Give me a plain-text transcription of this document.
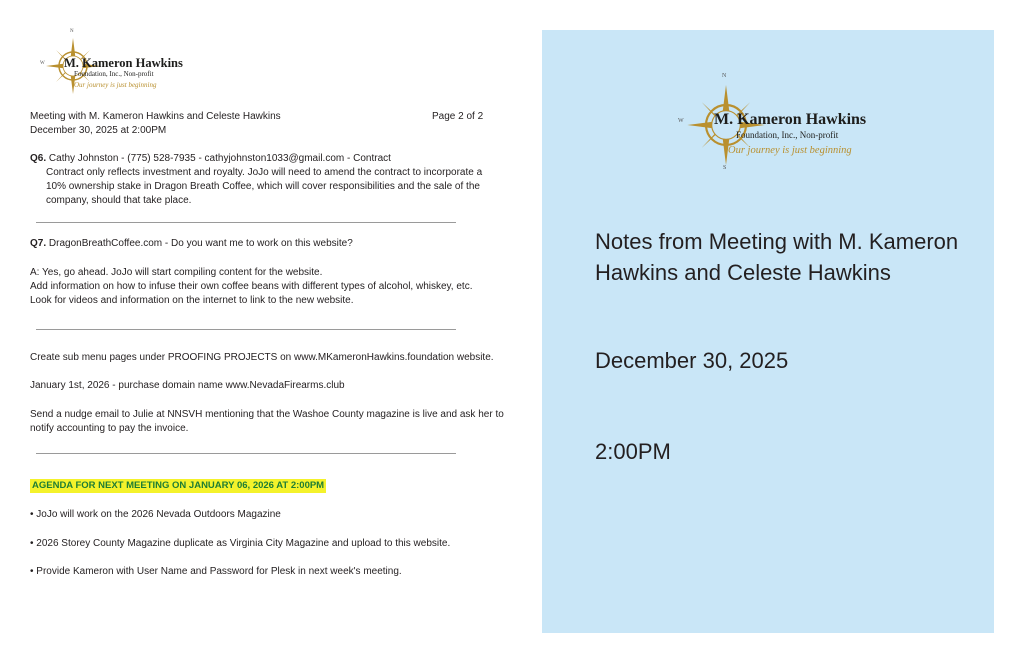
N
W M. Kameron Hawkins
Foundation, Inc., Non-profit
Our journey is just beginning
Meeting with M. Kameron Hawkins and Celeste Hawkins	Page 2 of 2
December 30, 2025 at 2:00PM
Q6. Cathy Johnston - (775) 528-7935 - cathyjohnston1033@gmail.com - Contract
Contract only reflects investment and royalty. JoJo will need to amend the contract to incorporate a
10% ownership stake in Dragon Breath Coffee, which will cover responsibilities and the sale of the
company, should that take place.
Q7. DragonBreathCoffee.com - Do you want me to work on this website?
A: Yes, go ahead. JoJo will start compiling content for the website.
Add information on how to infuse their own coffee beans with different types of alcohol, whiskey, etc.
Look for videos and information on the internet to link to the new website.
Create sub menu pages under PROOFING PROJECTS on www.MKameronHawkins.foundation website.
January 1st, 2026 - purchase domain name www.NevadaFirearms.club
Send a nudge email to Julie at NNSVH mentioning that the Washoe County magazine is live and ask her to
notify accounting to pay the invoice.
AGENDA FOR NEXT MEETING ON JANUARY 06, 2026 AT 2:00PM
• JoJo will work on the 2026 Nevada Outdoors Magazine
• 2026 Storey County Magazine duplicate as Virginia City Magazine and upload to this website.
• Provide Kameron with User Name and Password for Plesk in next week's meeting.
N
W
S
M. Kameron Hawkins
Foundation, Inc., Non-profit
Our journey is just beginning
Notes from Meeting with M. Kameron Hawkins and Celeste Hawkins
December 30, 2025
2:00PM
